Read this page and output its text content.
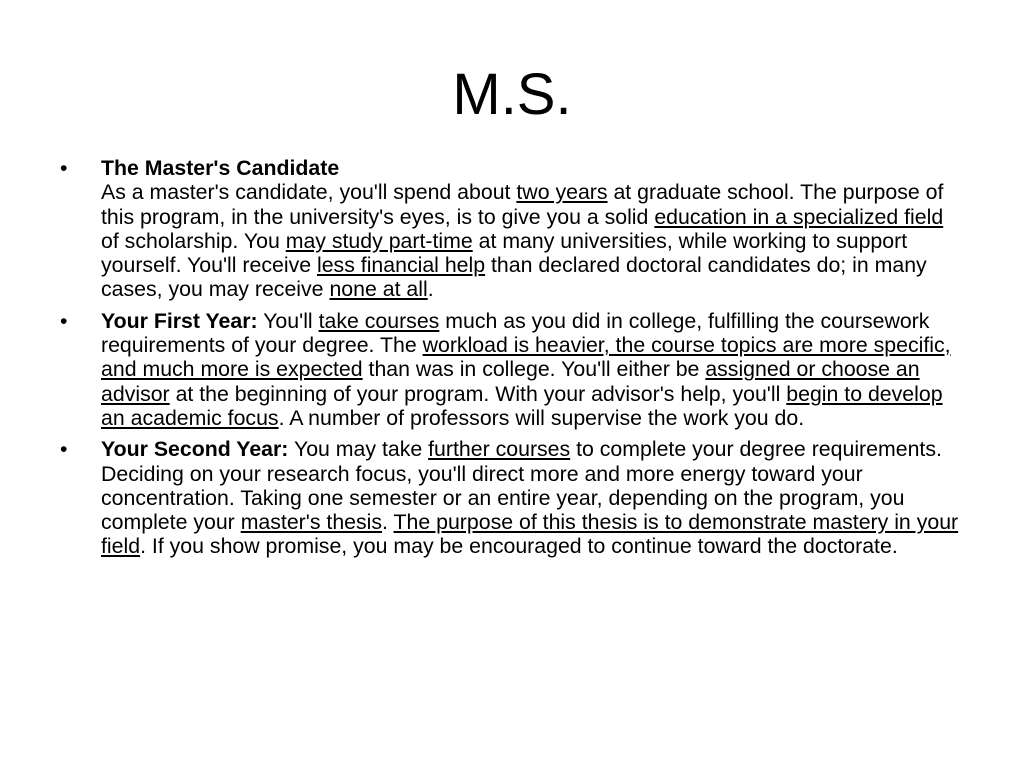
M.S.
•	The Master's Candidate
As a master's candidate, you'll spend about two years at graduate school. The purpose of this program, in the university's eyes, is to give you a solid education in a specialized field of scholarship. You may study part-time at many universities, while working to support yourself. You'll receive less financial help than declared doctoral candidates do; in many cases, you may receive none at all.
•	Your First Year: You'll take courses much as you did in college, fulfilling the coursework requirements of your degree. The workload is heavier, the course topics are more specific, and much more is expected than was in college. You'll either be assigned or choose an advisor at the beginning of your program. With your advisor's help, you'll begin to develop an academic focus. A number of professors will supervise the work you do.
•	Your Second Year: You may take further courses to complete your degree requirements. Deciding on your research focus, you'll direct more and more energy toward your concentration. Taking one semester or an entire year, depending on the program, you complete your master's thesis. The purpose of this thesis is to demonstrate mastery in your field. If you show promise, you may be encouraged to continue toward the doctorate.
